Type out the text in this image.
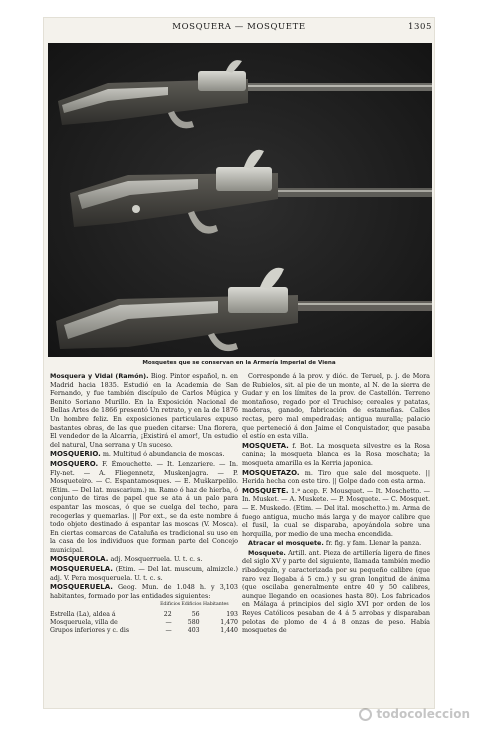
MOSQUERA — MOSQUETE	1305
Mosquetes que se conservan en la Armería Imperial de Viena

Mosquera y Vidal (Ramón). Biog. Pintor español, n. en Madrid hacia 1835. Estudió en la Academia de San Fernando, y fue también discípulo de Carlos Múgica y Benito Soriano Murillo. En la Exposición Nacional de Bellas Artes de 1866 presentó Un retrato, y en la de 1876 Un hombre feliz. En exposiciones particulares expuso bastantes obras, de las que pueden citarse: Una florera, El vendedor de la Alcarria, ¡Existirá el amor!, Un estudio del natural, Una serrana y Un suceso.

MOSQUERIO. m. Multitud ó abundancia de moscas.

MOSQUERO. F. Émouchette. — It. Lenzariere. — In. Fly-net. — A. Fliegennetz, Muskenjagra. — P. Mosqueteiro. — C. Espantamosques. — E. Muŝkarpelilo. (Etim. — Del lat. muscarium.) m. Ramo ó haz de hierba, ó conjunto de tiras de papel que se ata á un palo para espantar las moscas, ó que se cuelga del techo, para recogerlas y quemarlas. || Por ext., se da este nombre á todo objeto destinado á espantar las moscas (V. Mosca). En ciertas comarcas de Cataluña es tradicional su uso en la casa de los individuos que forman parte del Concejo municipal.

MOSQUEROLA. adj. Mosquerruela. U. t. c. s.

MOSQUERUELA. (Etim. — Del lat. muscum, almizcle.) adj. V. Pera mosqueruela. U. t. c. s.

MOSQUERUELA. Geog. Mun. de 1.048 h. y 3,103 habitantes, formado por las entidades siguientes:

	Edificios Edificios Habitantes		
Estrella (La), aldea á	22	56	193
Mosqueruela, villa de	—	580	1,470
Grupos inferiores y c. dis	—	403	1,440

Corresponde á la prov. y dióc. de Teruel, p. j. de Mora de Rubielos, sit. al pie de un monte, al N. de la sierra de Gudar y en los límites de la prov. de Castellón. Terreno montañoso, regado por el Truchiso; cereales y patatas, maderas, ganado, fabricación de estameñas. Calles rectas, pero mal empedradas; antigua muralla; palacio que perteneció á don Jaime el Conquistador, que pasaba el estío en esta villa.

MOSQUETA. f. Bot. La mosqueta silvestre es la Rosa canina; la mosqueta blanca es la Rosa moschata; la mosqueta amarilla es la Kerria japonica.

MOSQUETAZO. m. Tiro que sale del mosquete. || Herida hecha con este tiro. || Golpe dado con esta arma.

MOSQUETE. 1.ª acep. F. Mousquet. — It. Moschetto. — In. Musket. — A. Muskete. — P. Mosquete. — C. Mosquet. — E. Muskedo. (Etim. — Del ital. moschetto.) m. Arma de fuego antigua, mucho más larga y de mayor calibre que el fusil, la cual se disparaba, apoyándola sobre una horquilla, por medio de una mecha encendida.

Atracar el mosquete. fr. fig. y fam. Llenar la panza.

Mosquete. Artill. ant. Pieza de artillería ligera de fines del siglo XV y parte del siguiente, llamada también medio ribadoquín, y caracterizada por su pequeño calibre (que raro vez llegaba á 5 cm.) y su gran longitud de ánima (que oscilaba generalmente entre 40 y 50 calibres, aunque llegando en ocasiones hasta 80). Los fabricados en Málaga á principios del siglo XVI por orden de los Reyes Católicos pesaban de 4 á 5 arrobas y disparaban pelotas de plomo de 4 á 8 onzas de peso. Había mosquetes de

todocoleccion
